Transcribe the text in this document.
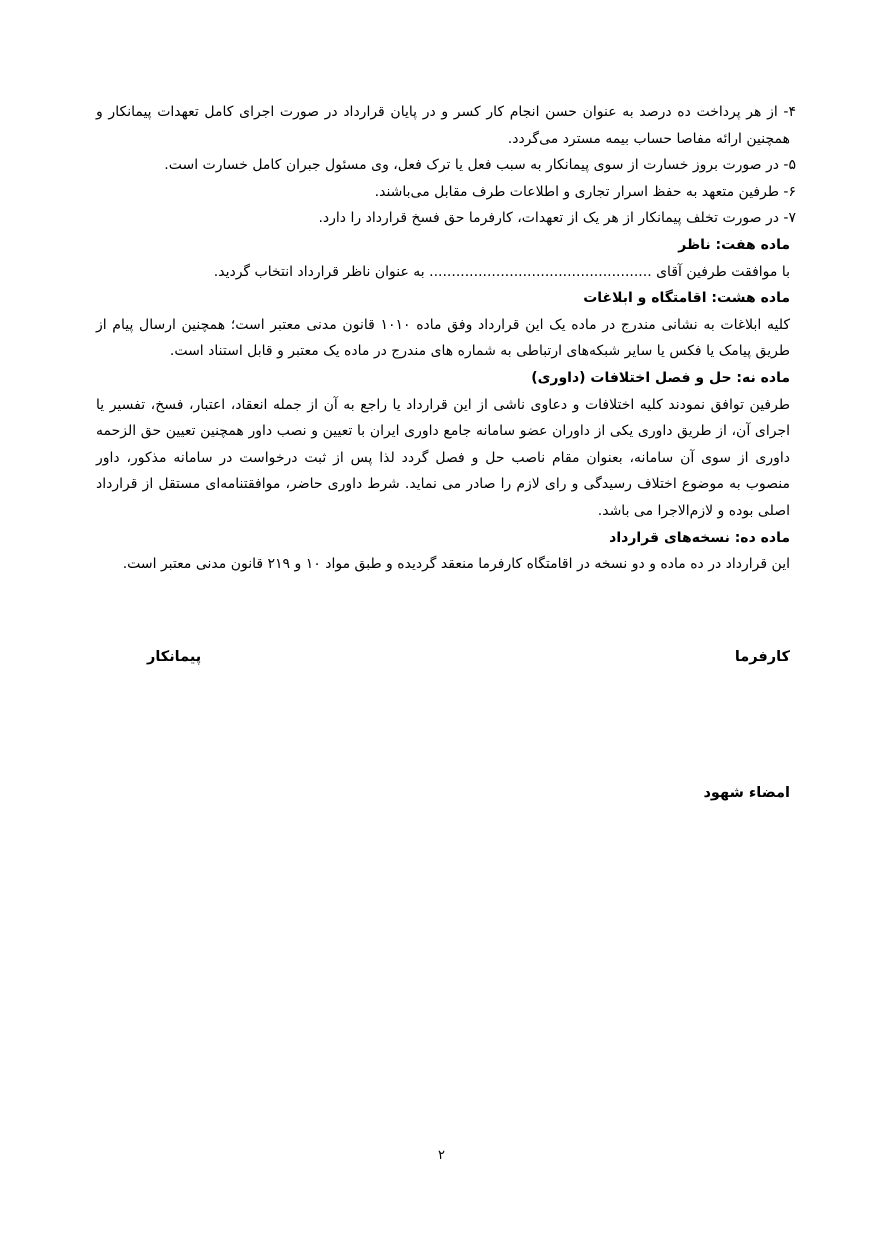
۴- از هر پرداخت ده درصد به عنوان حسن انجام کار کسر و در پایان قرارداد در صورت اجرای کامل تعهدات پیمانکار و همچنین ارائه مفاصا حساب بیمه مسترد می‌گردد.

۵- در صورت بروز خسارت از سوی پیمانکار به سبب فعل یا ترک فعل، وی مسئول جبران کامل خسارت است.

۶- طرفین متعهد به حفظ اسرار تجاری و اطلاعات طرف مقابل می‌باشند.

۷- در صورت تخلف پیمانکار از هر یک از تعهدات، کارفرما حق فسخ قرارداد را دارد.

ماده هفت: ناظر

با موافقت طرفین آقای .................................................. به عنوان ناظر قرارداد انتخاب گردید.

ماده هشت: اقامتگاه و ابلاغات

کلیه ابلاغات به نشانی مندرج در ماده یک این قرارداد وفق ماده ۱۰۱۰ قانون مدنی معتبر است؛ همچنین ارسال پیام از طریق پیامک یا فکس یا سایر شبکه‌های ارتباطی به شماره های مندرج در ماده یک معتبر و قابل استناد است.

ماده نه: حل و فصل اختلافات (داوری)

طرفین توافق نمودند کلیه اختلافات و دعاوی ناشی از این قرارداد یا راجع به آن از جمله انعقاد، اعتبار، فسخ، تفسیر یا اجرای آن، از طریق داوری یکی از داوران عضو سامانه جامع داوری ایران با تعیین و نصب داور همچنین تعیین حق الزحمه داوری از سوی آن سامانه، بعنوان مقام ناصب حل و فصل گردد لذا پس از ثبت درخواست در سامانه مذکور، داور منصوب به موضوع اختلاف رسیدگی و رای لازم را صادر می نماید. شرط داوری حاضر، موافقتنامه‌ای مستقل از قرارداد اصلی بوده و لازم‌الاجرا می باشد.

ماده ده: نسخه‌های قرارداد

این قرارداد در ده ماده و دو نسخه در اقامتگاه کارفرما منعقد گردیده و طبق مواد ۱۰ و ۲۱۹ قانون مدنی معتبر است.

کارفرما
پیمانکار
امضاء شهود
۲
